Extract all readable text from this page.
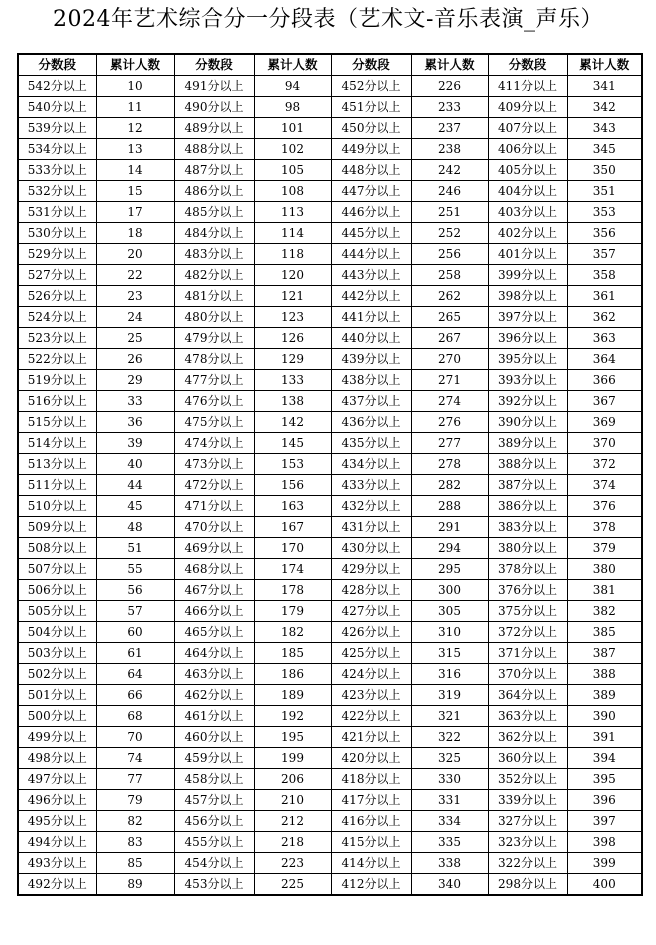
2024年艺术综合分一分段表（艺术文-音乐表演_声乐）
分数段	累计人数	分数段	累计人数	分数段	累计人数	分数段	累计人数
542分以上	10	491分以上	94	452分以上	226	411分以上	341
540分以上	11	490分以上	98	451分以上	233	409分以上	342
539分以上	12	489分以上	101	450分以上	237	407分以上	343
534分以上	13	488分以上	102	449分以上	238	406分以上	345
533分以上	14	487分以上	105	448分以上	242	405分以上	350
532分以上	15	486分以上	108	447分以上	246	404分以上	351
531分以上	17	485分以上	113	446分以上	251	403分以上	353
530分以上	18	484分以上	114	445分以上	252	402分以上	356
529分以上	20	483分以上	118	444分以上	256	401分以上	357
527分以上	22	482分以上	120	443分以上	258	399分以上	358
526分以上	23	481分以上	121	442分以上	262	398分以上	361
524分以上	24	480分以上	123	441分以上	265	397分以上	362
523分以上	25	479分以上	126	440分以上	267	396分以上	363
522分以上	26	478分以上	129	439分以上	270	395分以上	364
519分以上	29	477分以上	133	438分以上	271	393分以上	366
516分以上	33	476分以上	138	437分以上	274	392分以上	367
515分以上	36	475分以上	142	436分以上	276	390分以上	369
514分以上	39	474分以上	145	435分以上	277	389分以上	370
513分以上	40	473分以上	153	434分以上	278	388分以上	372
511分以上	44	472分以上	156	433分以上	282	387分以上	374
510分以上	45	471分以上	163	432分以上	288	386分以上	376
509分以上	48	470分以上	167	431分以上	291	383分以上	378
508分以上	51	469分以上	170	430分以上	294	380分以上	379
507分以上	55	468分以上	174	429分以上	295	378分以上	380
506分以上	56	467分以上	178	428分以上	300	376分以上	381
505分以上	57	466分以上	179	427分以上	305	375分以上	382
504分以上	60	465分以上	182	426分以上	310	372分以上	385
503分以上	61	464分以上	185	425分以上	315	371分以上	387
502分以上	64	463分以上	186	424分以上	316	370分以上	388
501分以上	66	462分以上	189	423分以上	319	364分以上	389
500分以上	68	461分以上	192	422分以上	321	363分以上	390
499分以上	70	460分以上	195	421分以上	322	362分以上	391
498分以上	74	459分以上	199	420分以上	325	360分以上	394
497分以上	77	458分以上	206	418分以上	330	352分以上	395
496分以上	79	457分以上	210	417分以上	331	339分以上	396
495分以上	82	456分以上	212	416分以上	334	327分以上	397
494分以上	83	455分以上	218	415分以上	335	323分以上	398
493分以上	85	454分以上	223	414分以上	338	322分以上	399
492分以上	89	453分以上	225	412分以上	340	298分以上	400
